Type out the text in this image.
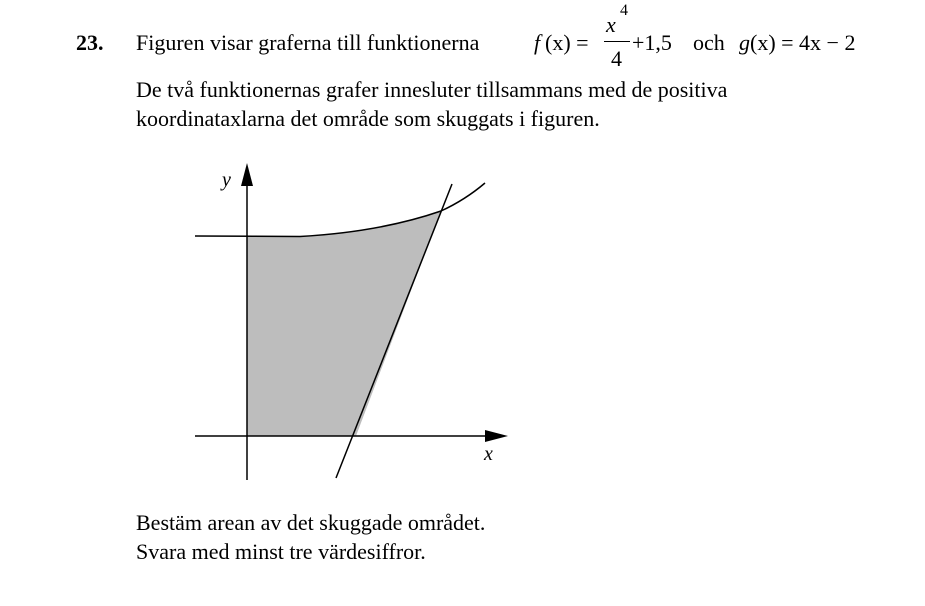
23. Figuren visar graferna till funktionerna f (x) =
x
4
4
+1,5 och g (x) = 4x − 2
De två funktionernas grafer innesluter tillsammans med de positiva
koordinataxlarna det område som skuggats i figuren.
y
x
Bestäm arean av det skuggade området.
Svara med minst tre värdesiffror.
